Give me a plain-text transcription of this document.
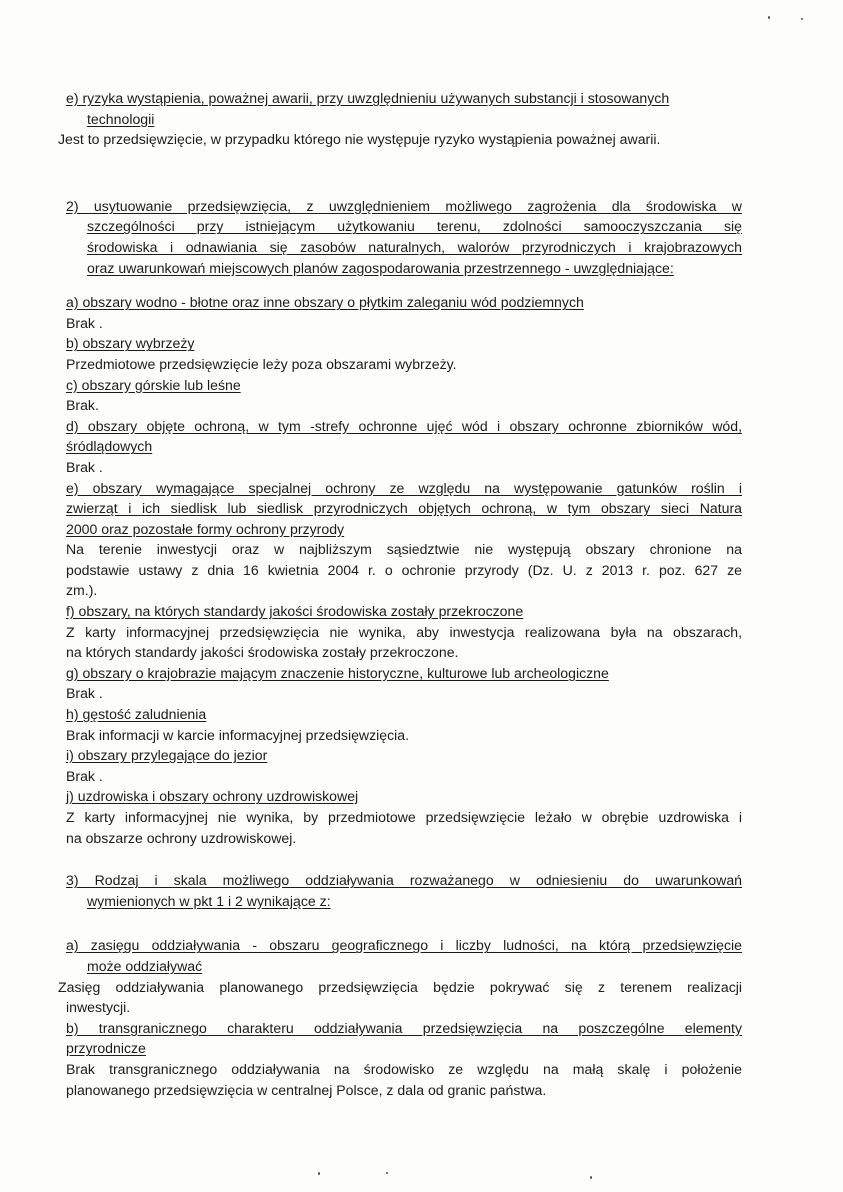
e) ryzyka wystąpienia, poważnej awarii, przy uwzględnieniu używanych substancji i stosowanych
technologii
Jest to przedsięwzięcie, w przypadku którego nie występuje ryzyko wystąpienia poważnej awarii.
2) usytuowanie przedsięwzięcia, z uwzględnieniem możliwego zagrożenia dla środowiska w
szczególności przy istniejącym użytkowaniu terenu, zdolności samooczyszczania się
środowiska i odnawiania się zasobów naturalnych, walorów przyrodniczych i krajobrazowych
oraz uwarunkowań miejscowych planów zagospodarowania przestrzennego - uwzględniające:
a) obszary wodno - błotne oraz inne obszary o płytkim zaleganiu wód podziemnych
Brak .
b) obszary wybrzeży
Przedmiotowe przedsięwzięcie leży poza obszarami wybrzeży.
c) obszary górskie lub leśne
Brak.
d) obszary objęte ochroną, w tym -strefy ochronne ujęć wód i obszary ochronne zbiorników wód,
śródlądowych
Brak .
e) obszary wymagające specjalnej ochrony ze względu na występowanie gatunków roślin i
zwierząt i ich siedlisk lub siedlisk przyrodniczych objętych ochroną, w tym obszary sieci Natura
2000 oraz pozostałe formy ochrony przyrody
Na terenie inwestycji oraz w najbliższym sąsiedztwie nie występują obszary chronione na
podstawie ustawy z dnia 16 kwietnia 2004 r. o ochronie przyrody (Dz. U. z 2013 r. poz. 627 ze
zm.).
f) obszary, na których standardy jakości środowiska zostały przekroczone
Z karty informacyjnej przedsięwzięcia nie wynika, aby inwestycja realizowana była na obszarach,
na których standardy jakości środowiska zostały przekroczone.
g) obszary o krajobrazie mającym znaczenie historyczne, kulturowe lub archeologiczne
Brak .
h) gęstość zaludnienia
Brak informacji w karcie informacyjnej przedsięwzięcia.
i) obszary przylegające do jezior
Brak .
j) uzdrowiska i obszary ochrony uzdrowiskowej
Z karty informacyjnej nie wynika, by przedmiotowe przedsięwzięcie leżało w obrębie uzdrowiska i
na obszarze ochrony uzdrowiskowej.
3) Rodzaj i skala możliwego oddziaływania rozważanego w odniesieniu do uwarunkowań
wymienionych w pkt 1 i 2 wynikające z:
a) zasięgu oddziaływania - obszaru geograficznego i liczby ludności, na którą przedsięwzięcie
może oddziaływać
Zasięg oddziaływania planowanego przedsięwzięcia będzie pokrywać się z terenem realizacji
inwestycji.
b) transgranicznego charakteru oddziaływania przedsięwzięcia na poszczególne elementy
przyrodnicze
Brak transgranicznego oddziaływania na środowisko ze względu na małą skalę i położenie
planowanego przedsięwzięcia w centralnej Polsce, z dala od granic państwa.
